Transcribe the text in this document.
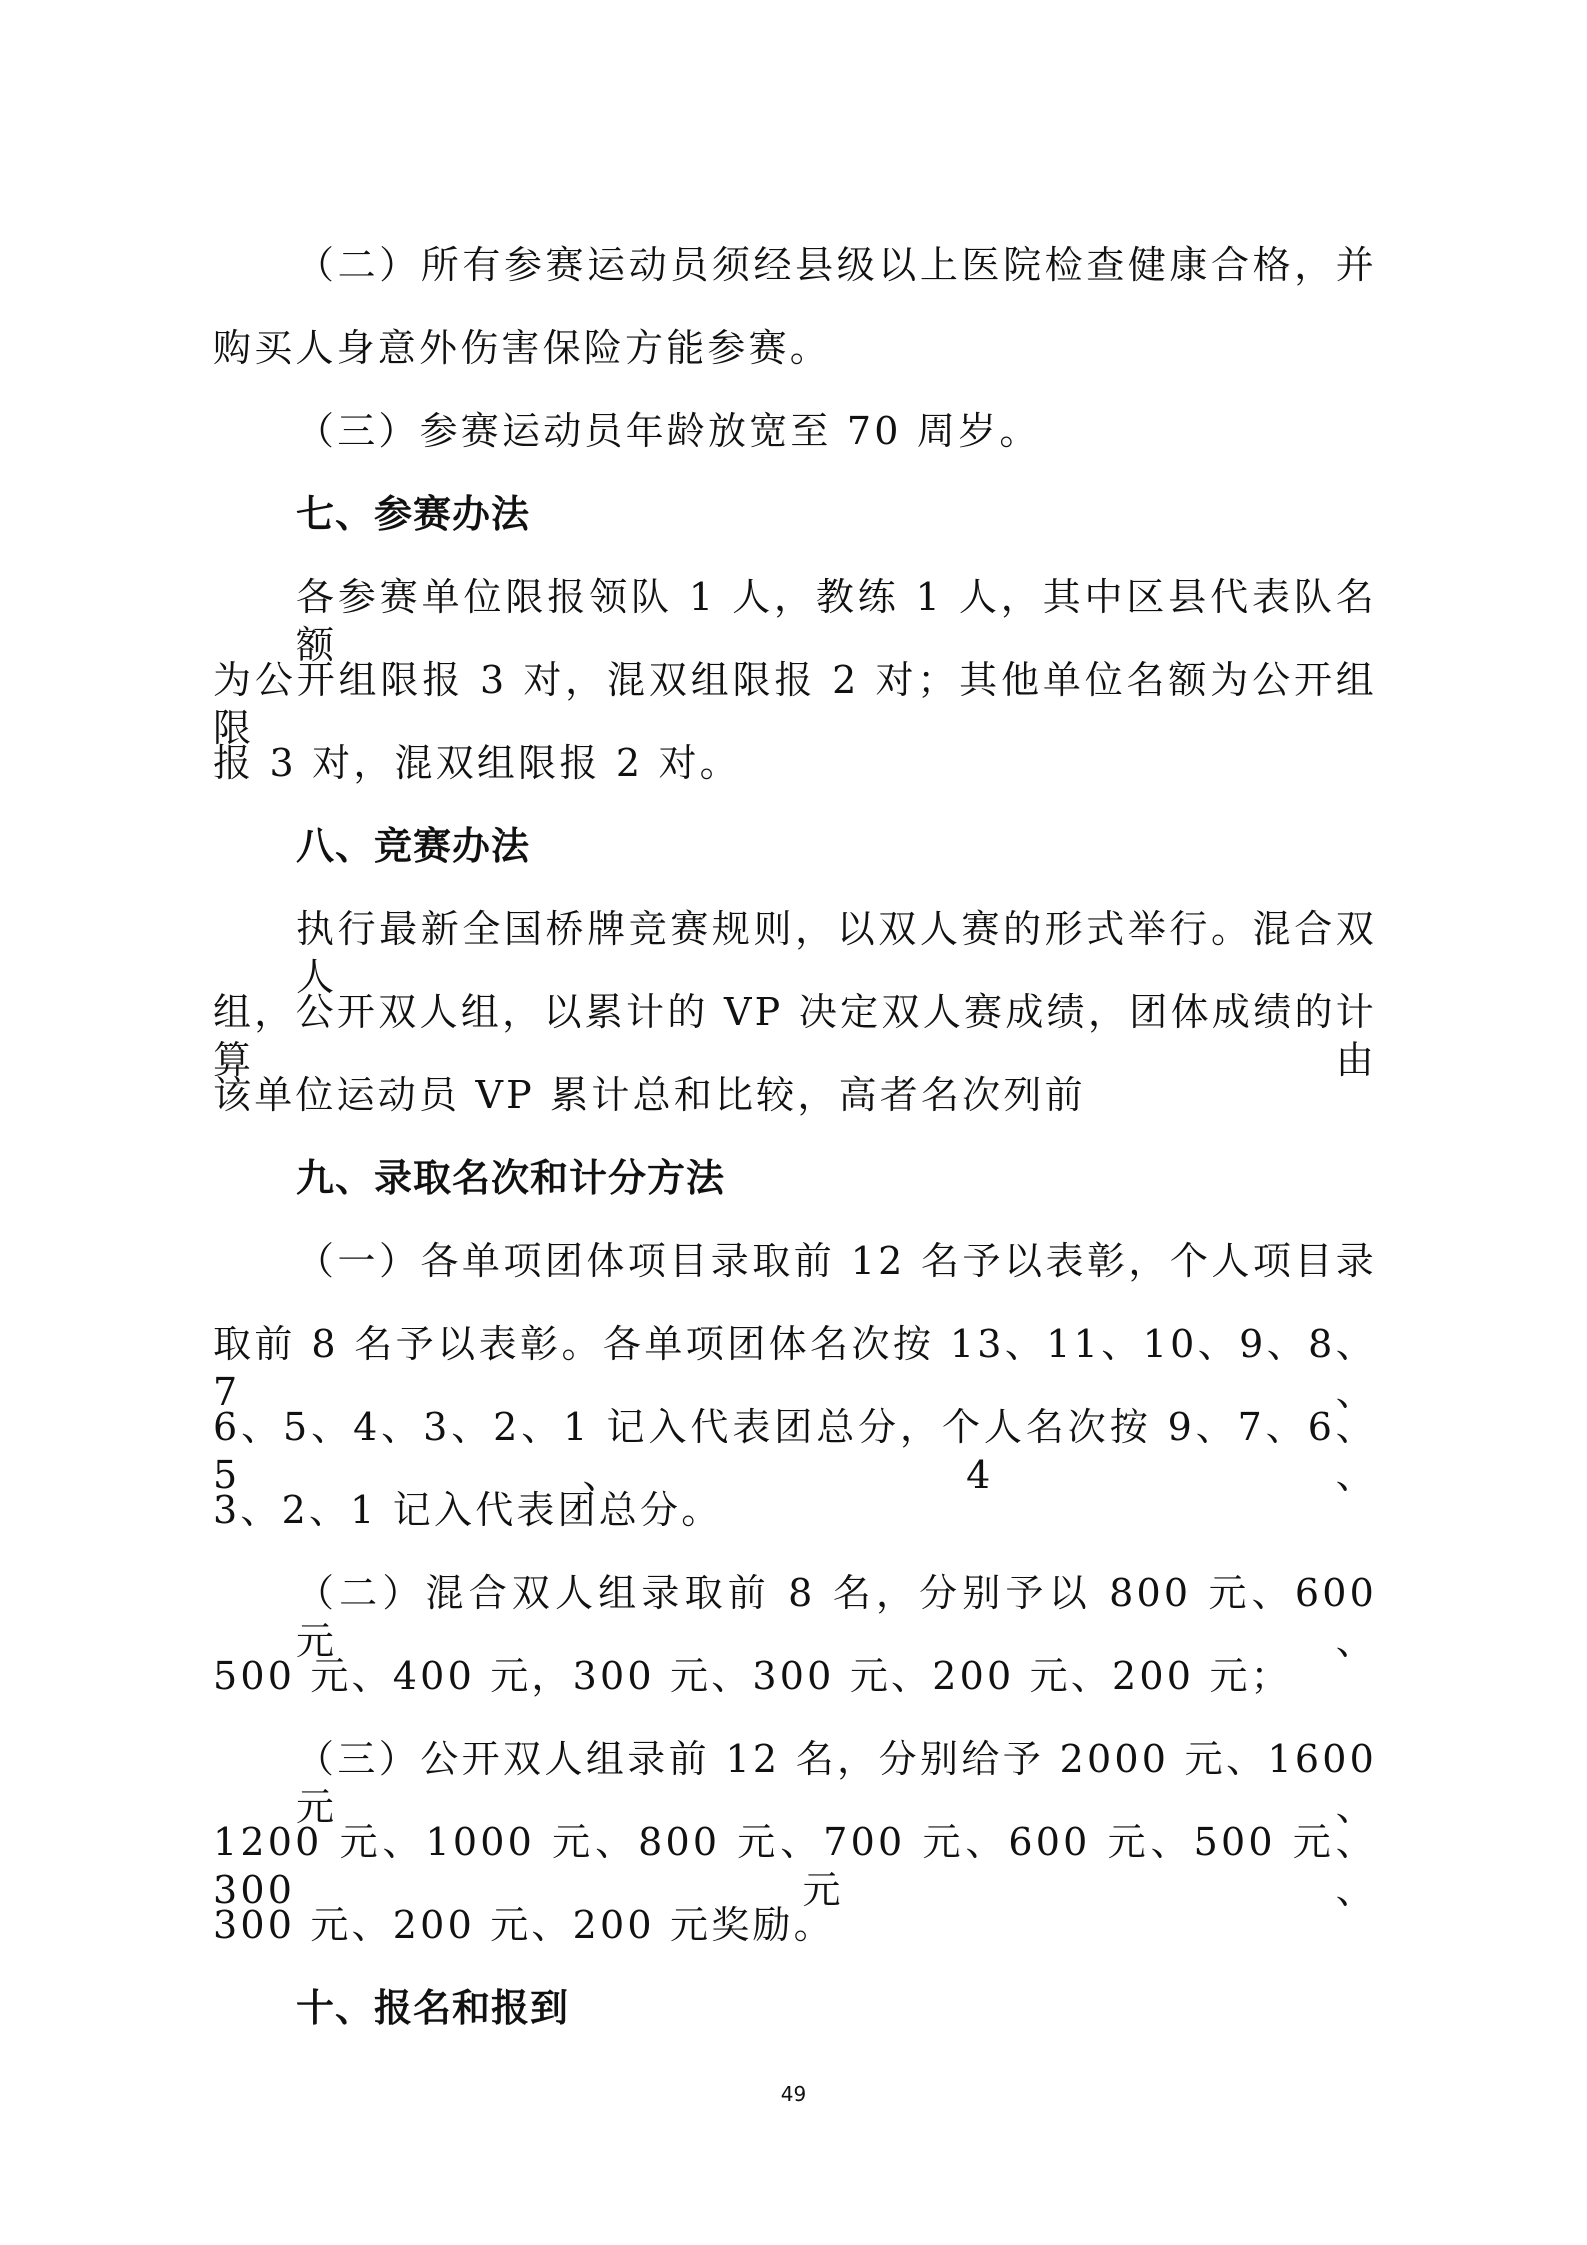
（二）所有参赛运动员须经县级以上医院检查健康合格，并
购买人身意外伤害保险方能参赛。
（三）参赛运动员年龄放宽至 70 周岁。
七、参赛办法
各参赛单位限报领队 1 人，教练 1 人，其中区县代表队名额
为公开组限报 3 对，混双组限报 2 对；其他单位名额为公开组限
报 3 对，混双组限报 2 对。
八、竞赛办法
执行最新全国桥牌竞赛规则，以双人赛的形式举行。混合双人
组，公开双人组，以累计的 VP 决定双人赛成绩，团体成绩的计算由
该单位运动员 VP 累计总和比较，高者名次列前
九、录取名次和计分方法
（一）各单项团体项目录取前 12 名予以表彰，个人项目录
取前 8 名予以表彰。各单项团体名次按 13、11、10、9、8、7、
6、5、4、3、2、1 记入代表团总分，个人名次按 9、7、6、5、4、
3、2、1 记入代表团总分。
（二）混合双人组录取前 8 名，分别予以 800 元、600 元、
500 元、400 元，300 元、300 元、200 元、200 元；
（三）公开双人组录前 12 名，分别给予 2000 元、1600 元、
1200 元、1000 元、800 元、700 元、600 元、500 元、300 元、
300 元、200 元、200 元奖励。
十、报名和报到
49
